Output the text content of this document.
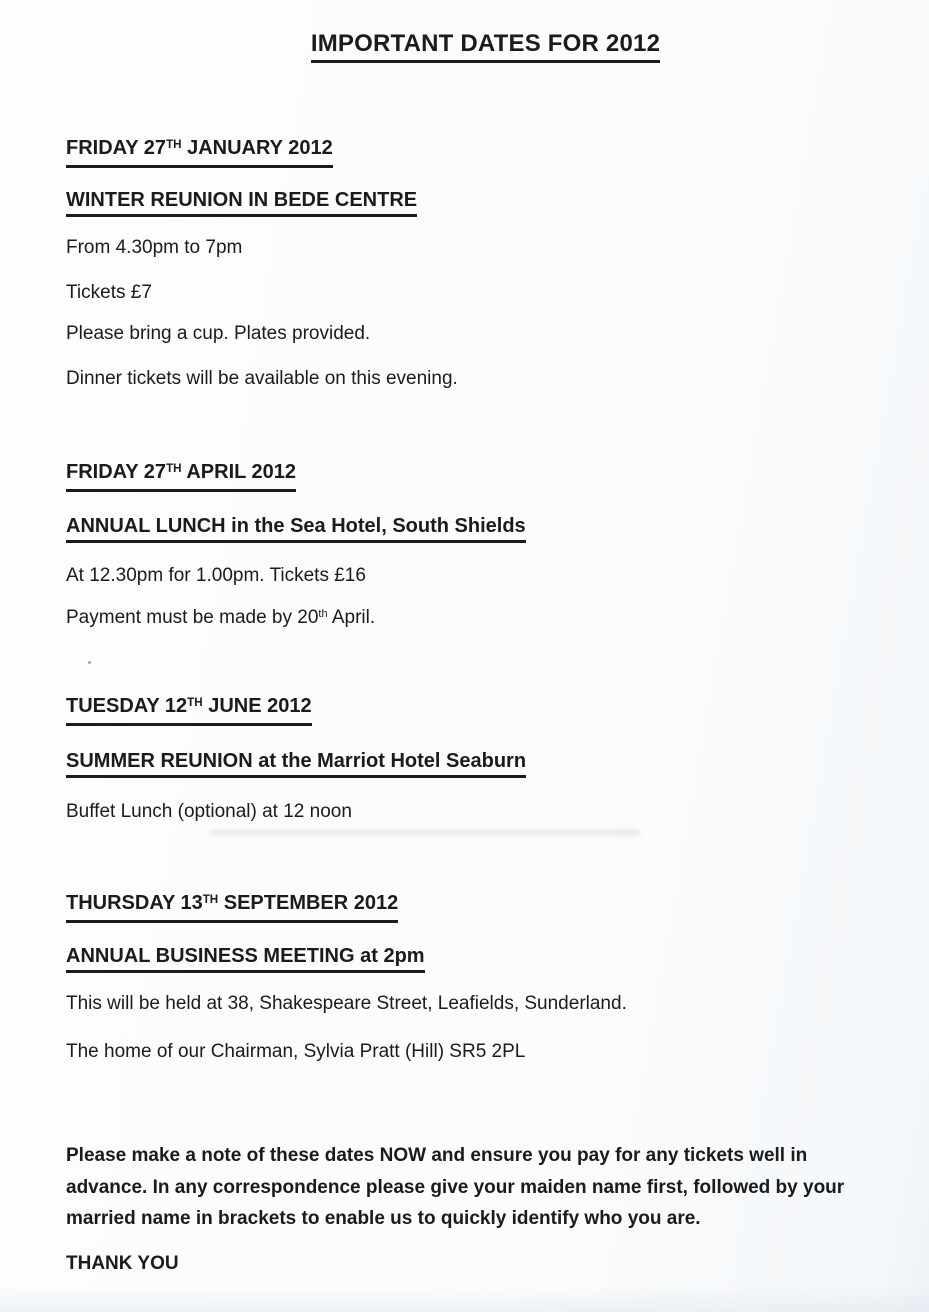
IMPORTANT DATES FOR 2012
FRIDAY 27TH JANUARY 2012
WINTER REUNION IN BEDE CENTRE
From 4.30pm to 7pm
Tickets £7
Please bring a cup. Plates provided.
Dinner tickets will be available on this evening.
FRIDAY 27TH APRIL 2012
ANNUAL LUNCH in the Sea Hotel, South Shields
At 12.30pm for 1.00pm. Tickets £16
Payment must be made by 20th April.
TUESDAY 12TH JUNE 2012
SUMMER REUNION at the Marriot Hotel Seaburn
Buffet Lunch (optional) at 12 noon
THURSDAY 13TH SEPTEMBER 2012
ANNUAL BUSINESS MEETING at 2pm
This will be held at 38, Shakespeare Street, Leafields, Sunderland.
The home of our Chairman, Sylvia Pratt (Hill) SR5 2PL
Please make a note of these dates NOW and ensure you pay for any tickets well in
advance. In any correspondence please give your maiden name first, followed by your
married name in brackets to enable us to quickly identify who you are.
THANK YOU
